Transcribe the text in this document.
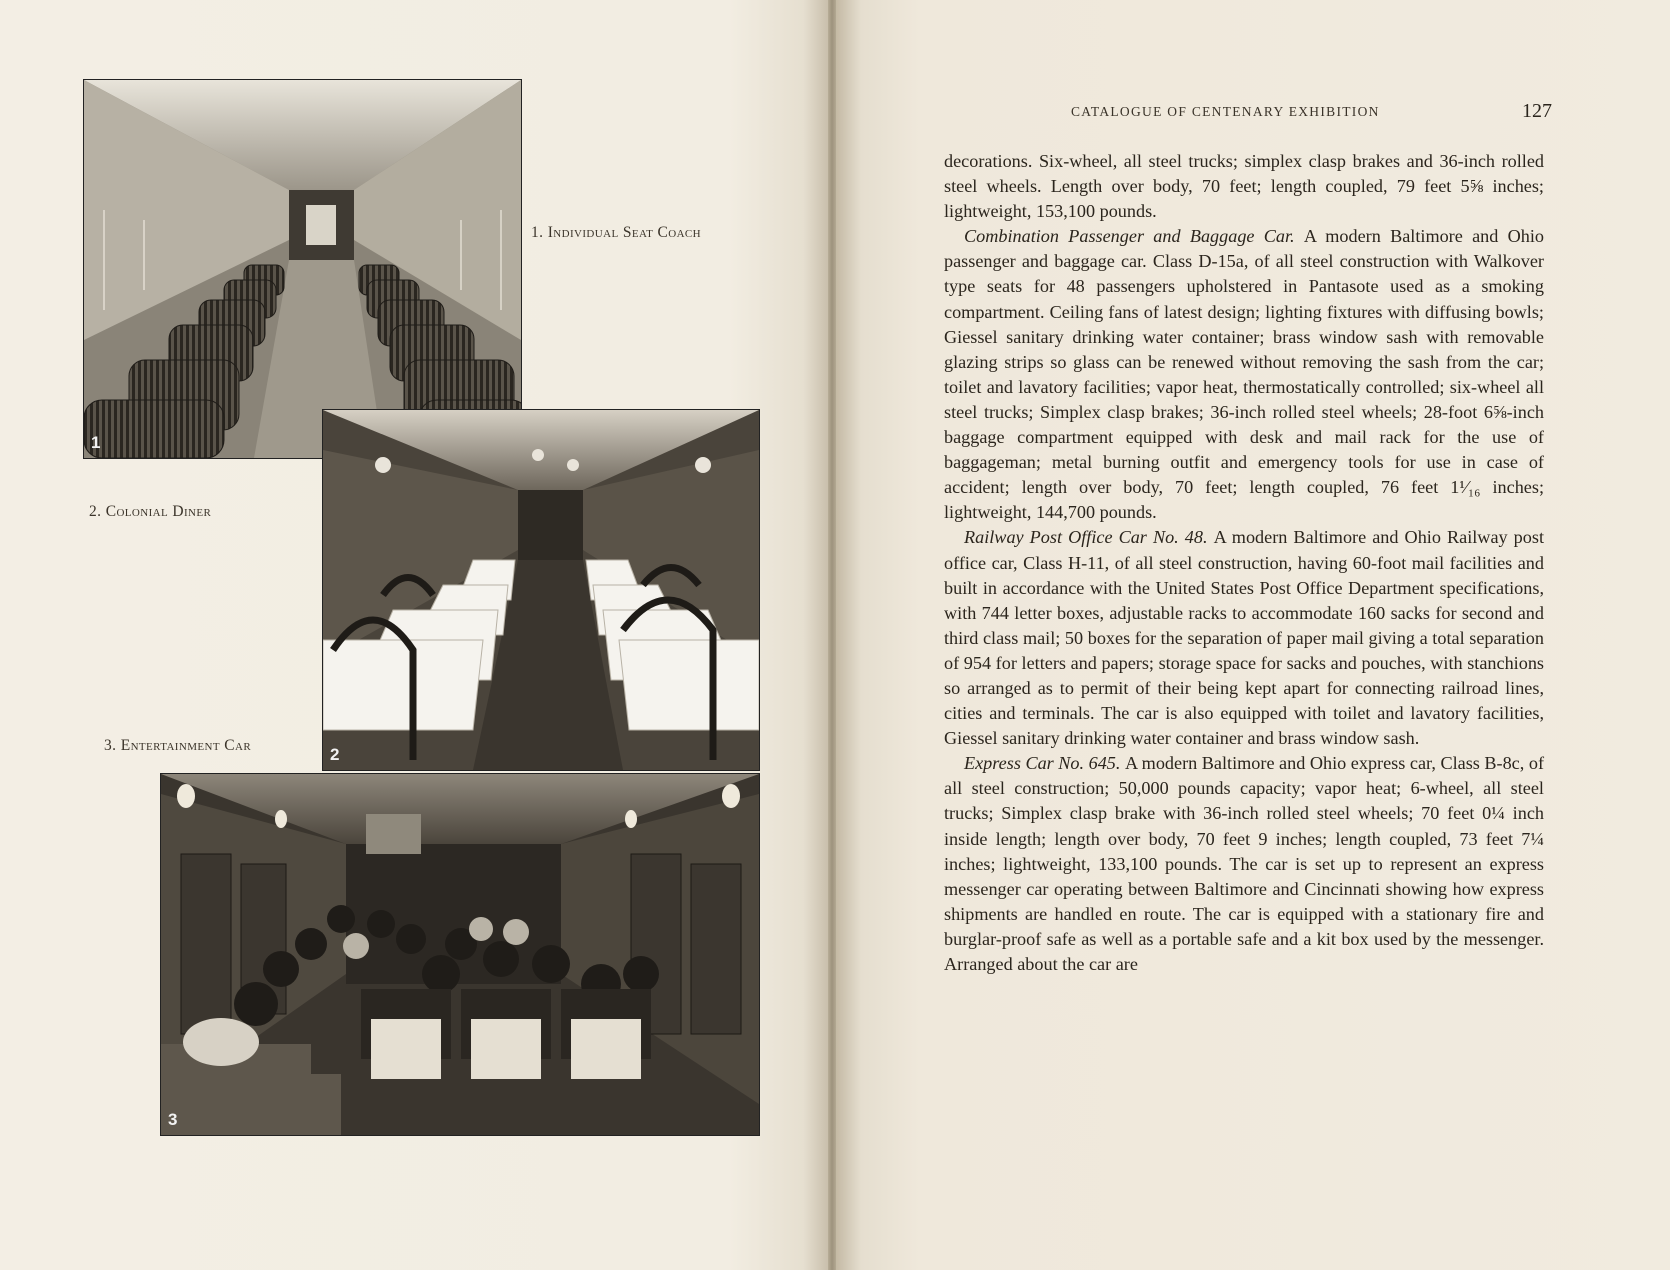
1
2
3
1. Individual Seat Coach
2. Colonial Diner
3. Entertainment Car
CATALOGUE OF CENTENARY EXHIBITION	127

decorations. Six-wheel, all steel trucks; simplex clasp brakes and 36-inch rolled steel wheels. Length over body, 70 feet; length coupled, 79 feet 5⅝ inches; lightweight, 153,100 pounds.

Combination Passenger and Baggage Car. A modern Baltimore and Ohio passenger and baggage car. Class D-15a, of all steel construction with Walkover type seats for 48 passengers upholstered in Pantasote used as a smoking compartment. Ceiling fans of latest design; lighting fixtures with diffusing bowls; Giessel sanitary drinking water container; brass window sash with removable glazing strips so glass can be renewed without removing the sash from the car; toilet and lavatory facilities; vapor heat, thermostatically controlled; six-wheel all steel trucks; Simplex clasp brakes; 36-inch rolled steel wheels; 28-foot 6⅝-inch baggage compartment equipped with desk and mail rack for the use of baggageman; metal burning outfit and emergency tools for use in case of accident; length over body, 70 feet; length coupled, 76 feet 1¹⁄₁₆ inches; lightweight, 144,700 pounds.

Railway Post Office Car No. 48. A modern Baltimore and Ohio Railway post office car, Class H-11, of all steel construction, having 60-foot mail facilities and built in accordance with the United States Post Office Department specifications, with 744 letter boxes, adjustable racks to accommodate 160 sacks for second and third class mail; 50 boxes for the separation of paper mail giving a total separation of 954 for letters and papers; storage space for sacks and pouches, with stanchions so arranged as to permit of their being kept apart for connecting railroad lines, cities and terminals. The car is also equipped with toilet and lavatory facilities, Giessel sanitary drinking water container and brass window sash.

Express Car No. 645. A modern Baltimore and Ohio express car, Class B-8c, of all steel construction; 50,000 pounds capacity; vapor heat; 6-wheel, all steel trucks; Simplex clasp brake with 36-inch rolled steel wheels; 70 feet 0¼ inch inside length; length over body, 70 feet 9 inches; length coupled, 73 feet 7¼ inches; lightweight, 133,100 pounds. The car is set up to represent an express messenger car operating between Baltimore and Cincinnati showing how express shipments are handled en route. The car is equipped with a stationary fire and burglar-proof safe as well as a portable safe and a kit box used by the messenger. Arranged about the car are
